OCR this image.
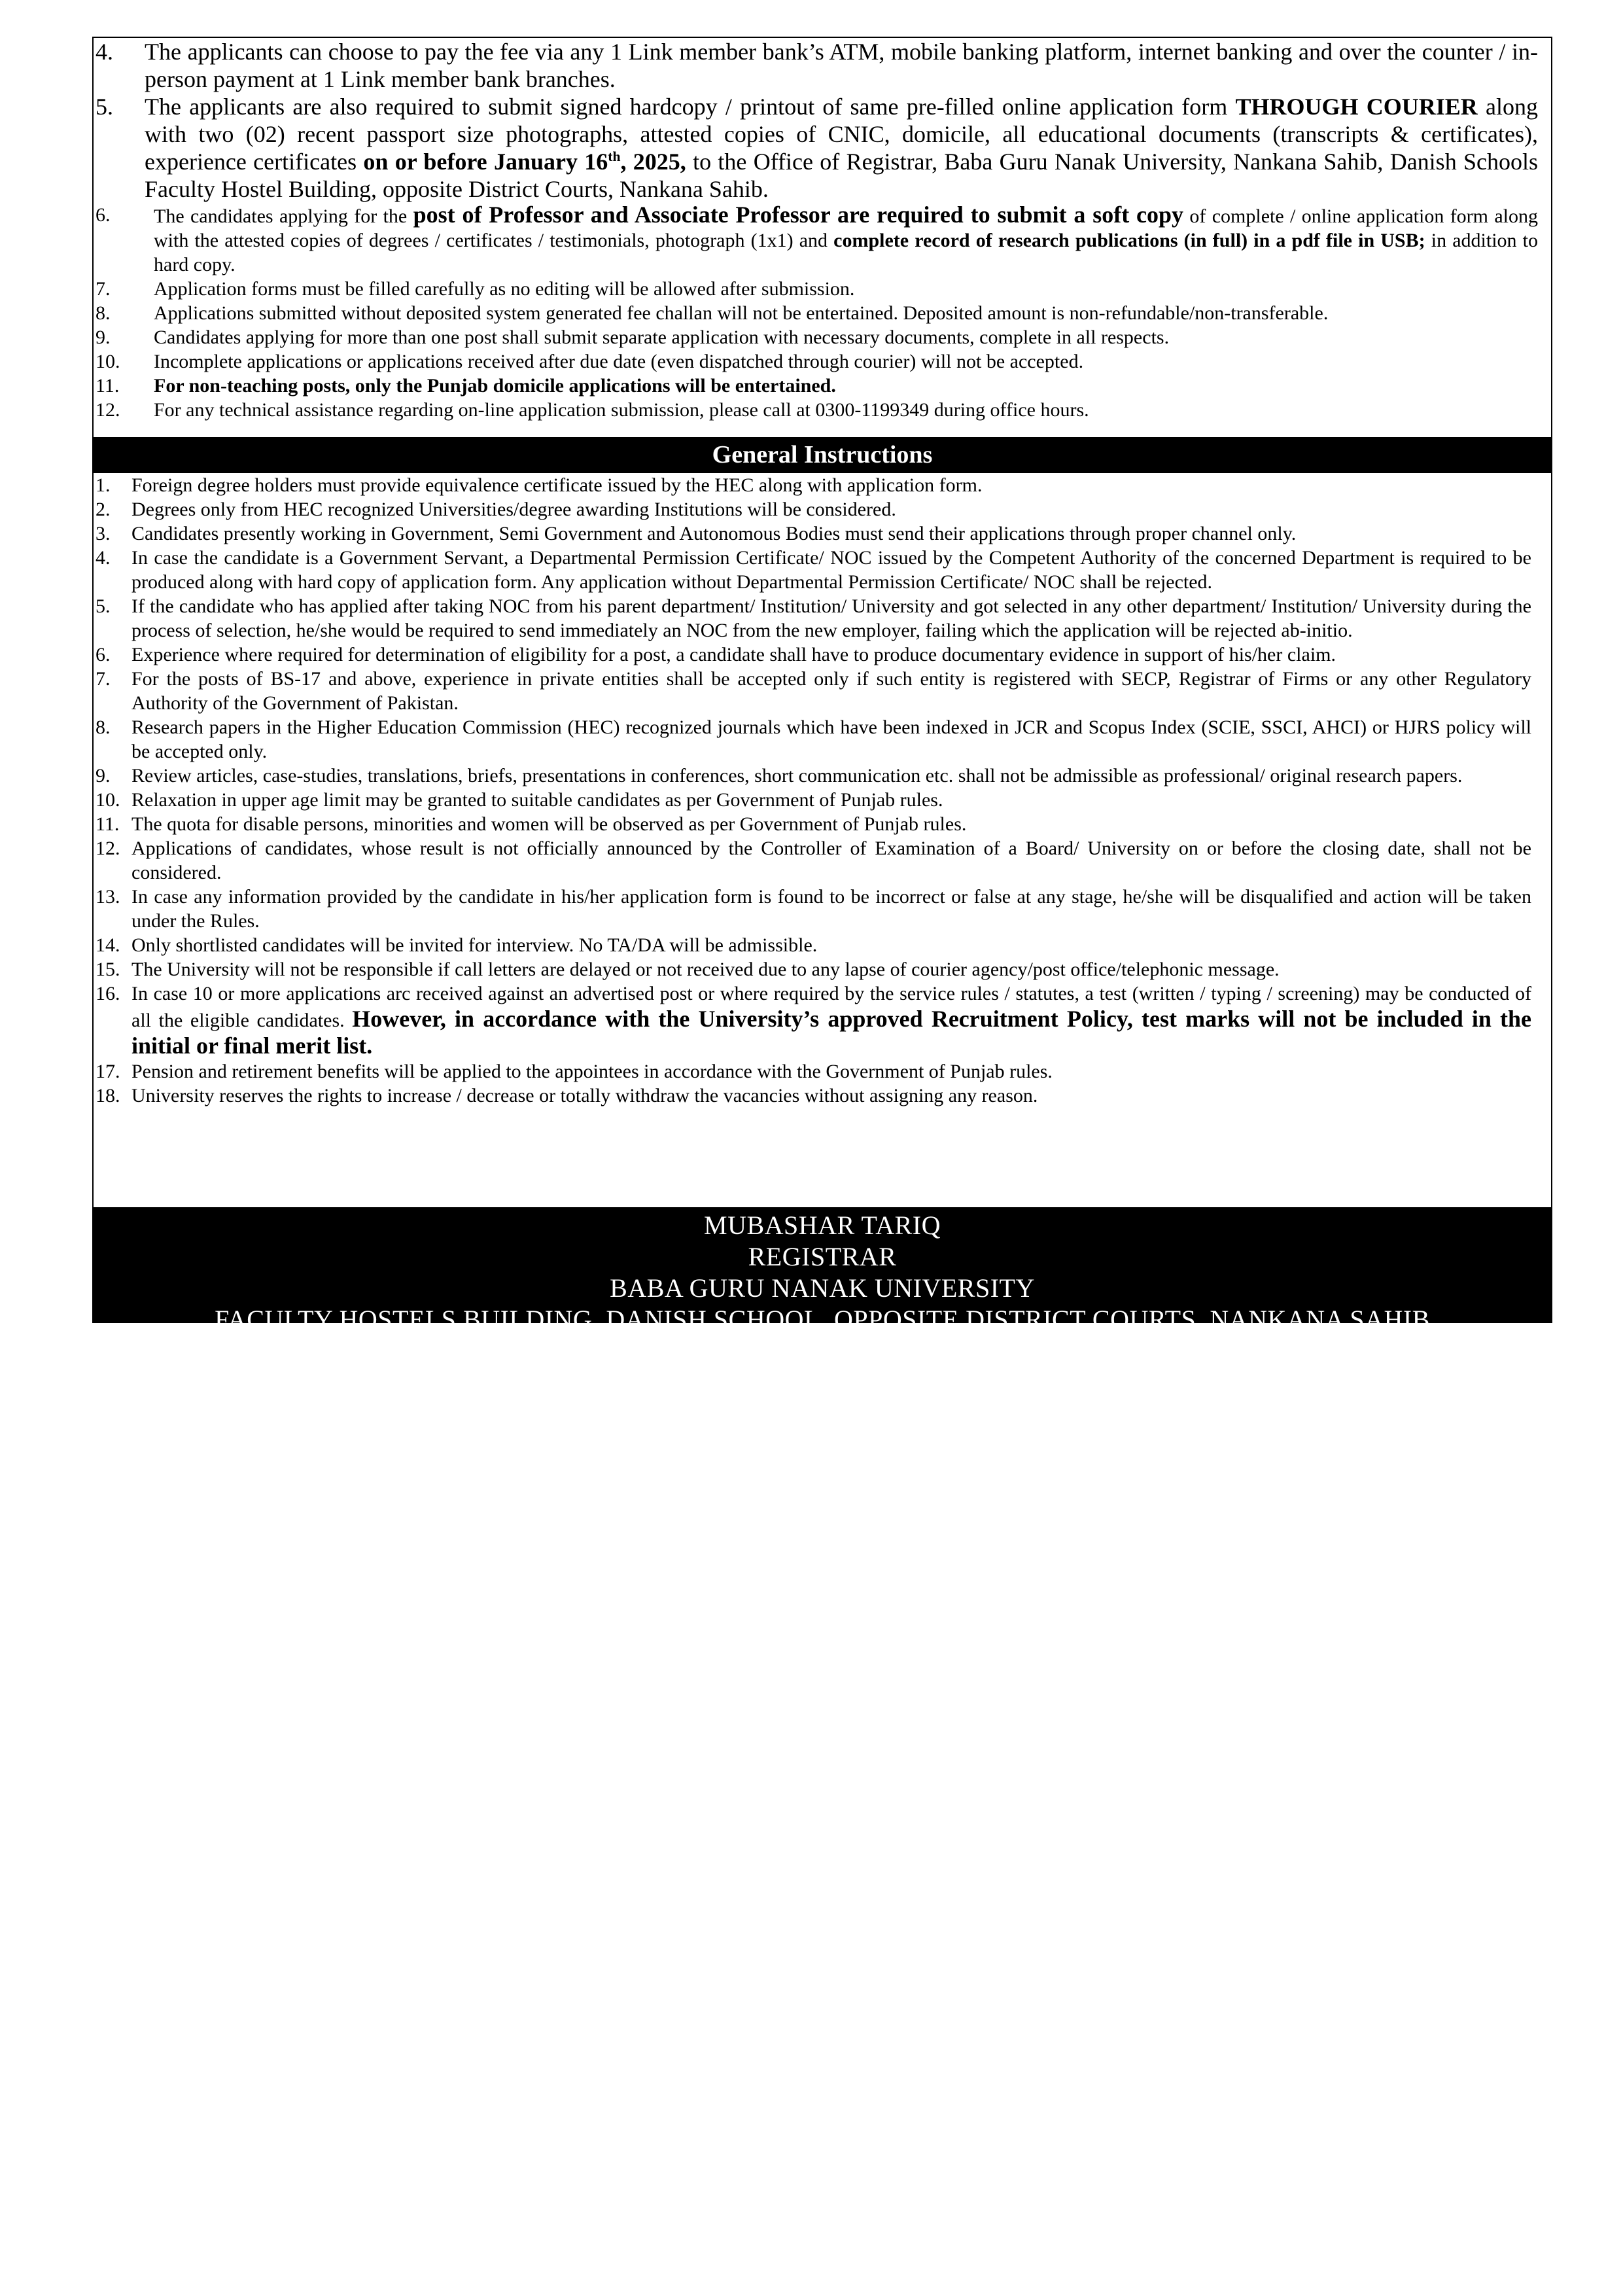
4. The applicants can choose to pay the fee via any 1 Link member bank’s ATM, mobile banking platform, internet banking and over the counter / in-person payment at 1 Link member bank branches.
5. The applicants are also required to submit signed hardcopy / printout of same pre-filled online application form THROUGH COURIER along with two (02) recent passport size photographs, attested copies of CNIC, domicile, all educational documents (transcripts & certificates), experience certificates on or before January 16th, 2025, to the Office of Registrar, Baba Guru Nanak University, Nankana Sahib, Danish Schools Faculty Hostel Building, opposite District Courts, Nankana Sahib.
6. The candidates applying for the post of Professor and Associate Professor are required to submit a soft copy of complete / online application form along with the attested copies of degrees / certificates / testimonials, photograph (1x1) and complete record of research publications (in full) in a pdf file in USB; in addition to hard copy.
7. Application forms must be filled carefully as no editing will be allowed after submission.
8. Applications submitted without deposited system generated fee challan will not be entertained. Deposited amount is non-refundable/non-transferable.
9. Candidates applying for more than one post shall submit separate application with necessary documents, complete in all respects.
10. Incomplete applications or applications received after due date (even dispatched through courier) will not be accepted.
11. For non-teaching posts, only the Punjab domicile applications will be entertained.
12. For any technical assistance regarding on-line application submission, please call at 0300-1199349 during office hours.
General Instructions
1. Foreign degree holders must provide equivalence certificate issued by the HEC along with application form.
2. Degrees only from HEC recognized Universities/degree awarding Institutions will be considered.
3. Candidates presently working in Government, Semi Government and Autonomous Bodies must send their applications through proper channel only.
4. In case the candidate is a Government Servant, a Departmental Permission Certificate/ NOC issued by the Competent Authority of the concerned Department is required to be produced along with hard copy of application form. Any application without Departmental Permission Certificate/ NOC shall be rejected.
5. If the candidate who has applied after taking NOC from his parent department/ Institution/ University and got selected in any other department/ Institution/ University during the process of selection, he/she would be required to send immediately an NOC from the new employer, failing which the application will be rejected ab-initio.
6. Experience where required for determination of eligibility for a post, a candidate shall have to produce documentary evidence in support of his/her claim.
7. For the posts of BS-17 and above, experience in private entities shall be accepted only if such entity is registered with SECP, Registrar of Firms or any other Regulatory Authority of the Government of Pakistan.
8. Research papers in the Higher Education Commission (HEC) recognized journals which have been indexed in JCR and Scopus Index (SCIE, SSCI, AHCI) or HJRS policy will be accepted only.
9. Review articles, case-studies, translations, briefs, presentations in conferences, short communication etc. shall not be admissible as professional/ original research papers.
10. Relaxation in upper age limit may be granted to suitable candidates as per Government of Punjab rules.
11. The quota for disable persons, minorities and women will be observed as per Government of Punjab rules.
12. Applications of candidates, whose result is not officially announced by the Controller of Examination of a Board/ University on or before the closing date, shall not be considered.
13. In case any information provided by the candidate in his/her application form is found to be incorrect or false at any stage, he/she will be disqualified and action will be taken under the Rules.
14. Only shortlisted candidates will be invited for interview. No TA/DA will be admissible.
15. The University will not be responsible if call letters are delayed or not received due to any lapse of courier agency/post office/telephonic message.
16. In case 10 or more applications arc received against an advertised post or where required by the service rules / statutes, a test (written / typing / screening) may be conducted of all the eligible candidates. However, in accordance with the University’s approved Recruitment Policy, test marks will not be included in the initial or final merit list.
17. Pension and retirement benefits will be applied to the appointees in accordance with the Government of Punjab rules.
18. University reserves the rights to increase / decrease or totally withdraw the vacancies without assigning any reason.
MUBASHAR TARIQ
REGISTRAR
BABA GURU NANAK UNIVERSITY
FACULTY HOSTELS BUILDING, DANISH SCHOOL, OPPOSITE DISTRICT COURTS, NANKANA SAHIB
PHONE: 056-9201171
